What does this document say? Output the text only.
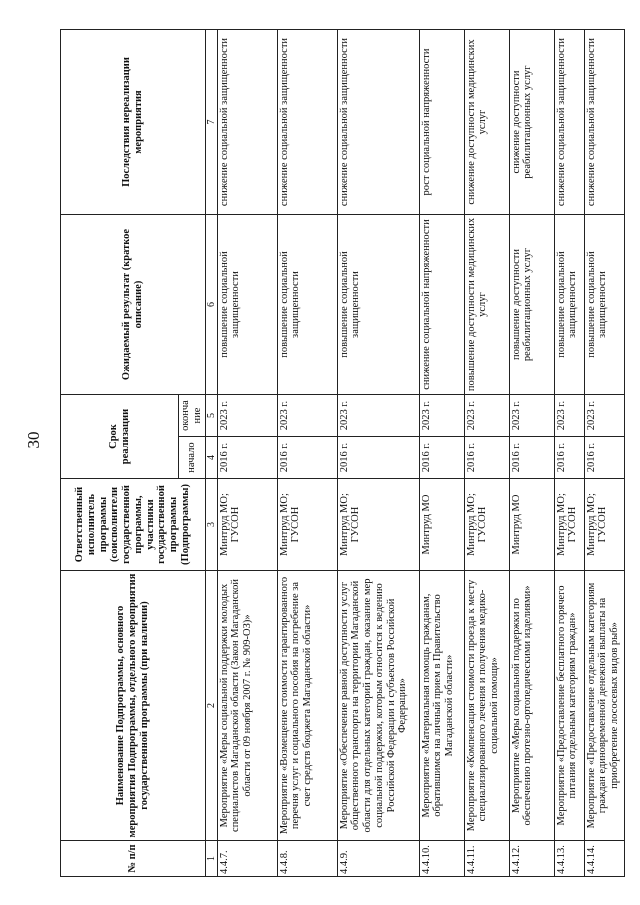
30
№ п/п	Наименование Подпрограммы, основного мероприятия Подпрограммы, отдельного мероприятия государственной программы (при наличии)	Ответственный исполнитель программы (соисполнители государственной программы, участники государственной программы (Подпрограммы)	Срок реализации		Ожидаемый результат (краткое описание)	Последствия нереализации мероприятия
			начало	оконча ние		
1	2	3	4	5	6	7
4.4.7.	Мероприятие «Меры социальной поддержки молодых специалистов Магаданской области (Закон Магаданской области от 09 ноября 2007 г. № 909-ОЗ)»	Минтруд МО; ГУСОН	2016 г.	2023 г.	повышение социальной защищенности	снижение социальной защищенности
4.4.8.	Мероприятие «Возмещение стоимости гарантированного перечня услуг и социального пособия на погребение за счет средств бюджета Магаданской области»	Минтруд МО; ГУСОН	2016 г.	2023 г.	повышение социальной защищенности	снижение социальной защищенности
4.4.9.	Мероприятие «Обеспечение равной доступности услуг общественного транспорта на территории Магаданской области для отдельных категорий граждан, оказание мер социальной поддержки, которым относится к ведению Российской Федерации и субъектов Российской Федерации»	Минтруд МО; ГУСОН	2016 г.	2023 г.	повышение социальной защищенности	снижение социальной защищенности
4.4.10.	Мероприятие «Материальная помощь гражданам, обратившимся на личный прием в Правительство Магаданской области»	Минтруд МО	2016 г.	2023 г.	снижение социальной напряженности	рост социальной напряженности
4.4.11.	Мероприятие «Компенсация стоимости проезда к месту специализированного лечения и получения медико-социальной помощи»	Минтруд МО; ГУСОН	2016 г.	2023 г.	повышение доступности медицинских услуг	снижение доступности медицинских услуг
4.4.12.	Мероприятие «Меры социальной поддержки по обеспечению протезно-ортопедическими изделиями»	Минтруд МО	2016 г.	2023 г.	повышение доступности реабилитационных услуг	снижение доступности реабилитационных услуг
4.4.13.	Мероприятие «Предоставление бесплатного горячего питания отдельным категориям граждан»	Минтруд МО; ГУСОН	2016 г.	2023 г.	повышение социальной защищенности	снижение социальной защищенности
4.4.14.	Мероприятие «Предоставление отдельным категориям граждан единовременной денежной выплаты на приобретение лососевых видов рыб»	Минтруд МО; ГУСОН	2016 г.	2023 г.	повышение социальной защищенности	снижение социальной защищенности
